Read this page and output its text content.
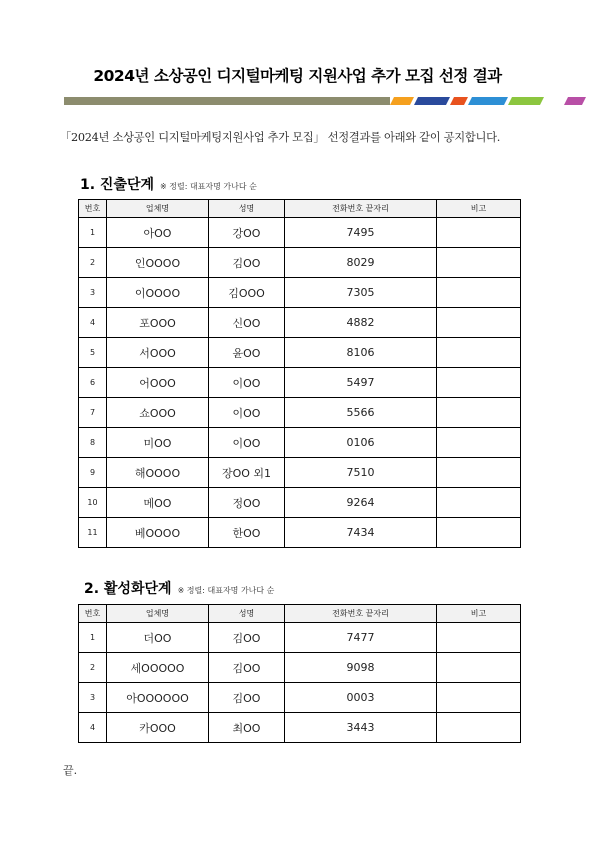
2024년 소상공인 디지털마케팅 지원사업 추가 모집 선정 결과
「2024년 소상공인 디지털마케팅지원사업 추가 모집」 선정결과를 아래와 같이 공지합니다.
1. 진출단계 ※ 정렬: 대표자명 가나다 순
번호	업체명	성명	전화번호 끝자리	비고
1	아OO	강OO	7495	
2	인OOOO	김OO	8029	
3	이OOOO	김OOO	7305	
4	포OOO	신OO	4882	
5	서OOO	윤OO	8106	
6	어OOO	이OO	5497	
7	쇼OOO	이OO	5566	
8	미OO	이OO	0106	
9	해OOOO	장OO 외1	7510	
10	메OO	정OO	9264	
11	베OOOO	한OO	7434	
2. 활성화단계 ※ 정렬: 대표자명 가나다 순
번호	업체명	성명	전화번호 끝자리	비고
1	더OO	김OO	7477	
2	세OOOOO	김OO	9098	
3	아OOOOOO	김OO	0003	
4	카OOO	최OO	3443	
끝.
